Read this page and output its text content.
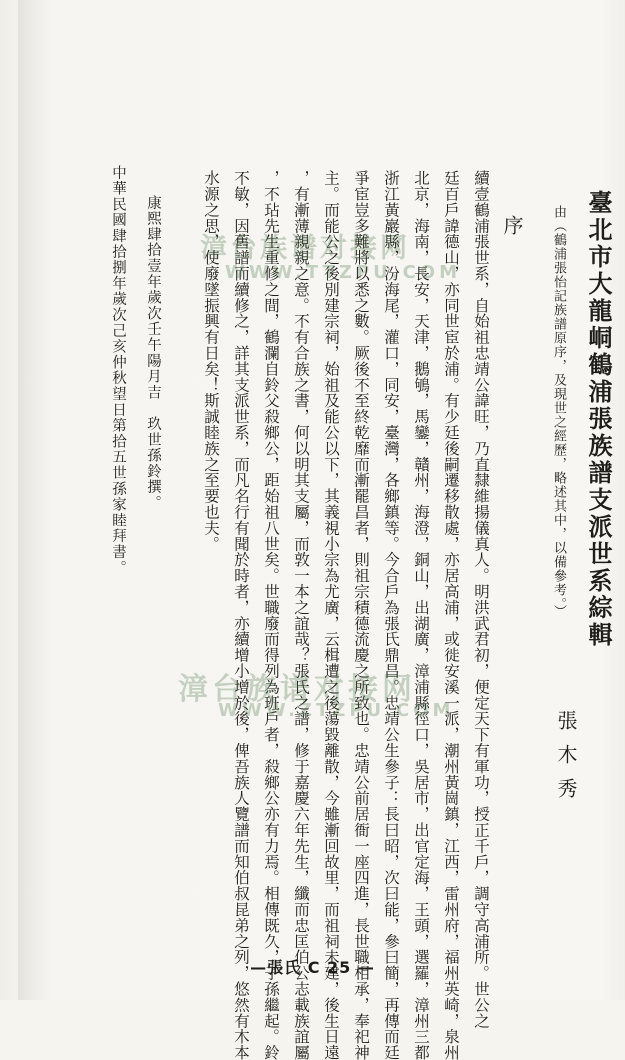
臺北市大龍峒鶴浦張族譜支派世系綜輯
由（鶴浦張怡記族譜原序，及現世之經歷，略述其中，以備參考。）
張木秀
序
續壹鶴浦張世系，自始祖忠靖公諱旺，乃直隸維揚儀真人。明洪武君初，便定天下有軍功，授正千戶，調守高浦所。世公之
廷百戶諱德山，亦同世宦於浦。有少廷後嗣遷移散處，亦居高浦，或徙安溪一派，潮州黃崗鎮，江西，雷州府，福州英崎，泉州
北京，海南，長安，天津，鵝鴝，馬鑾，贛州，海澄，銅山，出湖廣，漳浦縣徑口，吳居市，出官定海，王頭，選羅，漳州三都
浙江黃巖縣，汾海尾，灌口，同安，臺灣，各鄉鎮等。今合戶為張氏鼎昌。忠靖公生參子：長曰昭，次曰能，參曰簡，再傳而廷
爭宦豈多難將以悉之數。厥後不至終乾靡而漸罷昌者，則祖宗積德流慶之所致也。忠靖公前居衙一座四進，長世職相承，奉祀神
主。而能公之後別建宗祠，始祖及能公以下，其義視小宗為尤廣，云楫遭之後蕩毀離散，今雖漸回故里，而祖祠未建，後生日遠
，有漸薄親親之意。不有合族之書，何以明其支屬，而敦一本之誼哉？張氏之譜，修于嘉慶六年先生，纖而忠匡伯公志載族誼屬
，不玷先生重修之間，鶴瀾自鈴父殺鄉公，距始祖八世矣。世職廢而得列為班戶者，殺鄉公亦有力焉。相傳既久，子孫繼起。鈴
不敏，因舊譜而續修之，詳其支派世系，而凡名行有聞於時者，亦續增小增於後，俾吾族人覽譜而知伯叔昆弟之列，悠然有木本
水源之思，使廢墜振興有日矣！斯誠睦族之至要也夫。
康熙肆拾壹年歲次壬午陽月吉　玖世孫鈴撰。
中華民國肆拾捌年歲次己亥仲秋望日第拾五世孫家睦拜書。	漳台族谱对接网
WWW.TTZPU.COM
漳台族谱对接网
WWW.ZTZPU.COM
—張氏 C 25 —
